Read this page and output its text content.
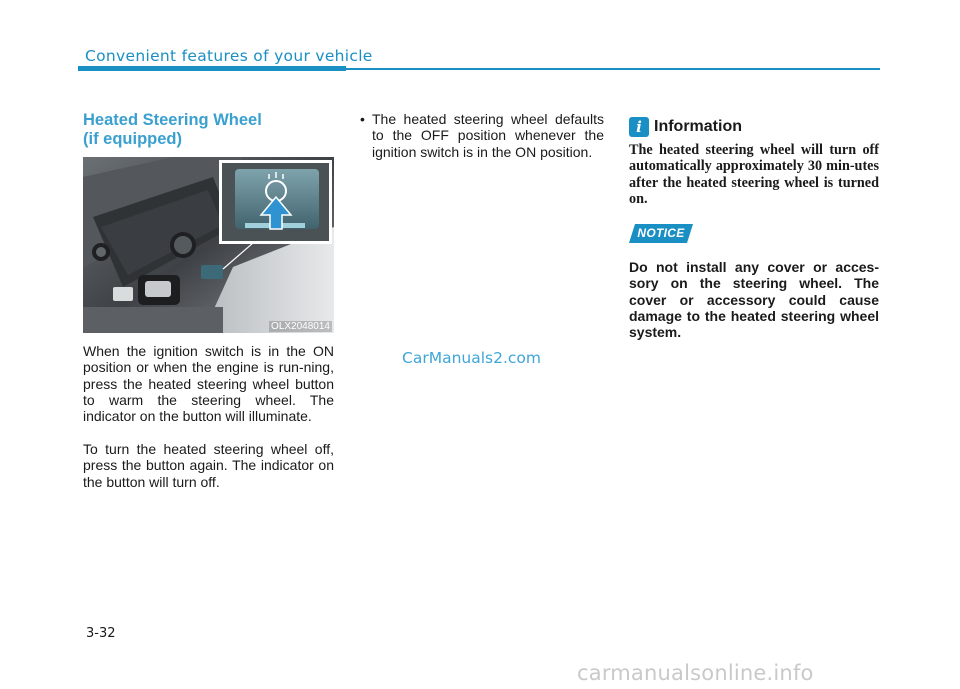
Convenient features of your vehicle
Heated Steering Wheel
(if equipped)
OLX2048014

When the ignition switch is in the ON position or when the engine is run-ning, press the heated steering wheel button to warm the steering wheel. The indicator on the button will illuminate.

To turn the heated steering wheel off, press the button again. The indicator on the button will turn off.

• The heated steering wheel defaults to the OFF position whenever the ignition switch is in the ON position.
i Information

The heated steering wheel will turn off automatically approximately 30 min-utes after the heated steering wheel is turned on.

NOTICE

Do not install any cover or acces-sory on the steering wheel. The cover or accessory could cause damage to the heated steering wheel system.

CarManuals2.com
3-32
carmanualsonline.info
